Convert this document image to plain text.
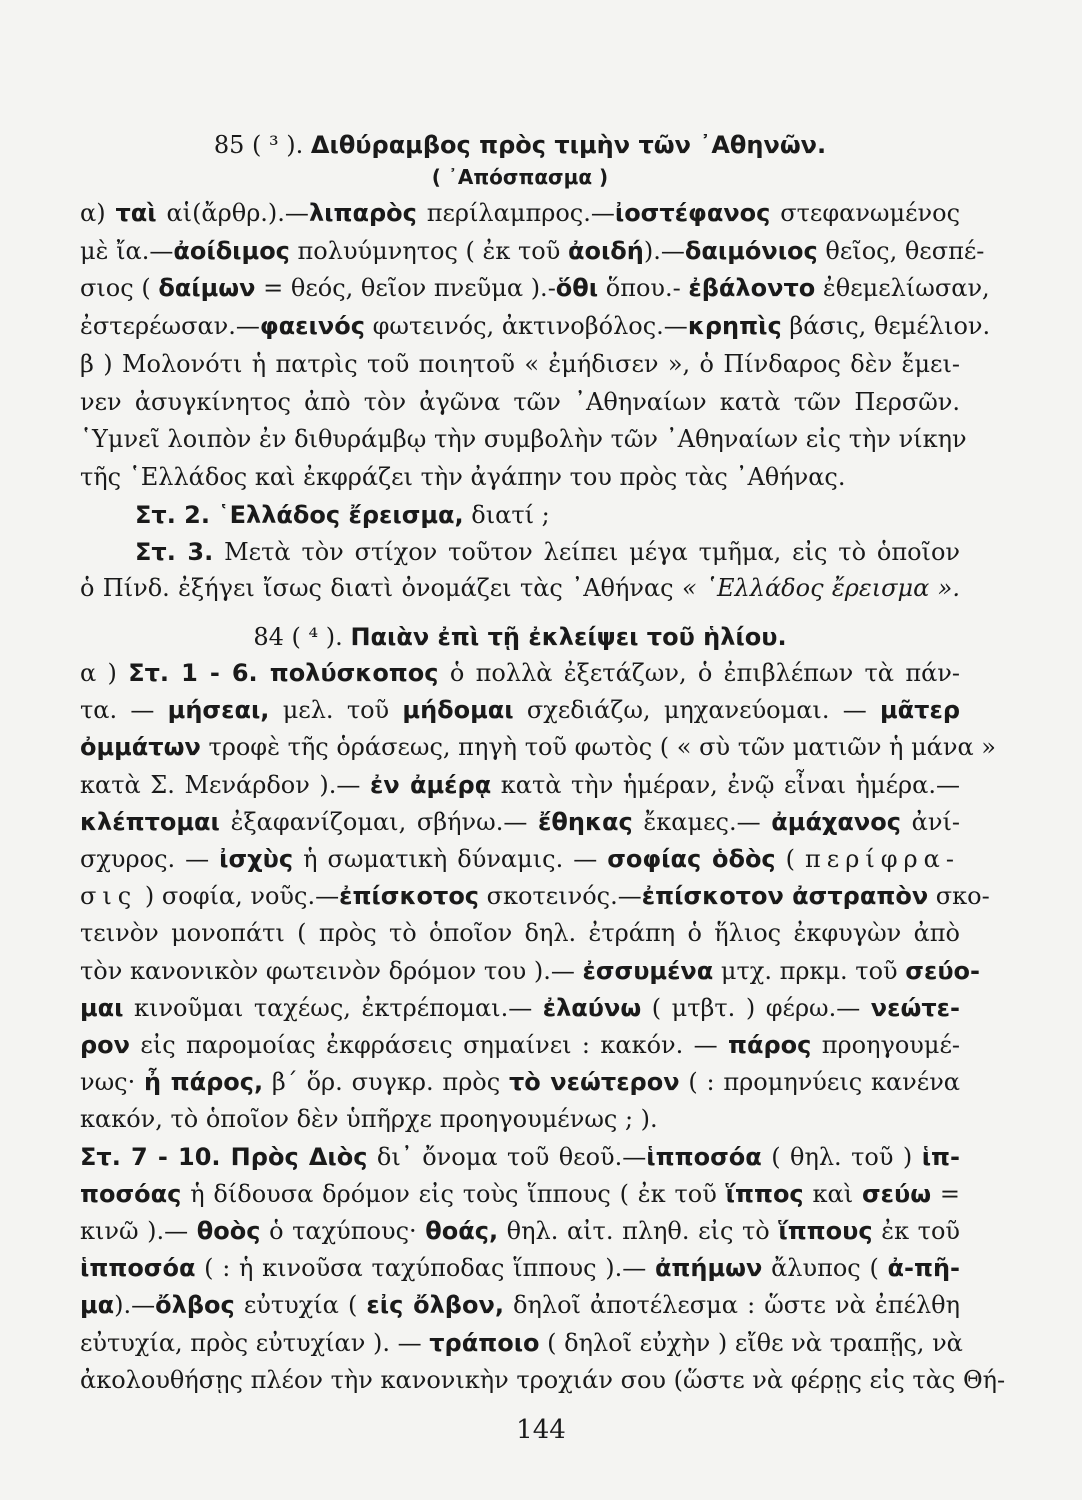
85 ( ³ ). Διθύραμβος πρὸς τιμὴν τῶν ᾿Αθηνῶν.
( ᾿Απόσπασμα )
α) ταὶ αἱ(ἄρθρ.).—λιπαρὸς περίλαμπρος.—ἰοστέφανος στεφανωμένος
μὲ ἴα.—ἀοίδιμος πολυύμνητος ( ἐκ τοῦ ἀοιδή).—δαιμόνιος θεῖος, θεσπέ-
σιος ( δαίμων = θεός, θεῖον πνεῦμα ).-ὅθι ὅπου.- ἐβάλοντο ἐθεμελίωσαν,
ἐστερέωσαν.—φαεινός φωτεινός, ἀκτινοβόλος.—κρηπὶς βάσις, θεμέλιον.
β ) Μολονότι ἡ πατρὶς τοῦ ποιητοῦ « ἐμήδισεν », ὁ Πίνδαρος δὲν ἔμει-
νεν ἀσυγκίνητος ἀπὸ τὸν ἀγῶνα τῶν ᾿Αθηναίων κατὰ τῶν Περσῶν.
῾Υμνεῖ λοιπὸν ἐν διθυράμβῳ τὴν συμβολὴν τῶν ᾿Αθηναίων εἰς τὴν νίκην
τῆς ῾Ελλάδος καὶ ἐκφράζει τὴν ἀγάπην του πρὸς τὰς ᾿Αθήνας.
Στ. 2. ῾Ελλάδος ἔρεισμα, διατί ;
Στ. 3. Μετὰ τὸν στίχον τοῦτον λείπει μέγα τμῆμα, εἰς τὸ ὁποῖον
ὁ Πίνδ. ἐξήγει ἴσως διατὶ ὀνομάζει τὰς ᾿Αθήνας « ῾Ελλάδος ἔρεισμα ».
84 ( ⁴ ). Παιὰν ἐπὶ τῇ ἐκλείψει τοῦ ἡλίου.
α ) Στ. 1 - 6. πολύσκοπος ὁ πολλὰ ἐξετάζων, ὁ ἐπιβλέπων τὰ πάν-
τα. — μήσεαι, μελ. τοῦ μήδομαι σχεδιάζω, μηχανεύομαι. — μᾶτερ
ὀμμάτων τροφὲ τῆς ὁράσεως, πηγὴ τοῦ φωτὸς ( « σὺ τῶν ματιῶν ἡ μάνα »
κατὰ Σ. Μενάρδον ).— ἐν ἀμέρᾳ κατὰ τὴν ἡμέραν, ἐνῷ εἶναι ἡμέρα.—
κλέπτομαι ἐξαφανίζομαι, σβήνω.— ἔθηκας ἔκαμες.— ἀμάχανος ἀνί-
σχυρος. — ἰσχὺς ἡ σωματικὴ δύναμις. — σοφίας ὁδὸς ( περίφρα-
σις ) σοφία, νοῦς.—ἐπίσκοτος σκοτεινός.—ἐπίσκοτον ἀστραπὸν σκο-
τεινὸν μονοπάτι ( πρὸς τὸ ὁποῖον δηλ. ἐτράπη ὁ ἥλιος ἐκφυγὼν ἀπὸ
τὸν κανονικὸν φωτεινὸν δρόμον του ).— ἐσσυμένα μτχ. πρκμ. τοῦ σεύο-
μαι κινοῦμαι ταχέως, ἐκτρέπομαι.— ἐλαύνω ( μτβτ. ) φέρω.— νεώτε-
ρον εἰς παρομοίας ἐκφράσεις σημαίνει : κακόν. — πάρος προηγουμέ-
νως· ἦ πάρος, β΄ ὅρ. συγκρ. πρὸς τὸ νεώτερον ( : προμηνύεις κανένα
κακόν, τὸ ὁποῖον δὲν ὑπῆρχε προηγουμένως ; ).
Στ. 7 - 10. Πρὸς Διὸς δι᾿ ὄνομα τοῦ θεοῦ.—ἱπποσόα ( θηλ. τοῦ ) ἱπ-
ποσόας ἡ δίδουσα δρόμον εἰς τοὺς ἵππους ( ἐκ τοῦ ἵππος καὶ σεύω =
κινῶ ).— θοὸς ὁ ταχύπους· θοάς, θηλ. αἰτ. πληθ. εἰς τὸ ἵππους ἐκ τοῦ
ἱπποσόα ( : ἡ κινοῦσα ταχύποδας ἵππους ).— ἀπήμων ἄλυπος ( ἀ-πῆ-
μα).—ὄλβος εὐτυχία ( εἰς ὄλβον, δηλοῖ ἀποτέλεσμα : ὥστε νὰ ἐπέλθη
εὐτυχία, πρὸς εὐτυχίαν ). — τράποιο ( δηλοῖ εὐχὴν ) εἴθε νὰ τραπῇς, νὰ
ἀκολουθήσῃς πλέον τὴν κανονικὴν τροχιάν σου (ὥστε νὰ φέρῃς εἰς τὰς Θή-
144
